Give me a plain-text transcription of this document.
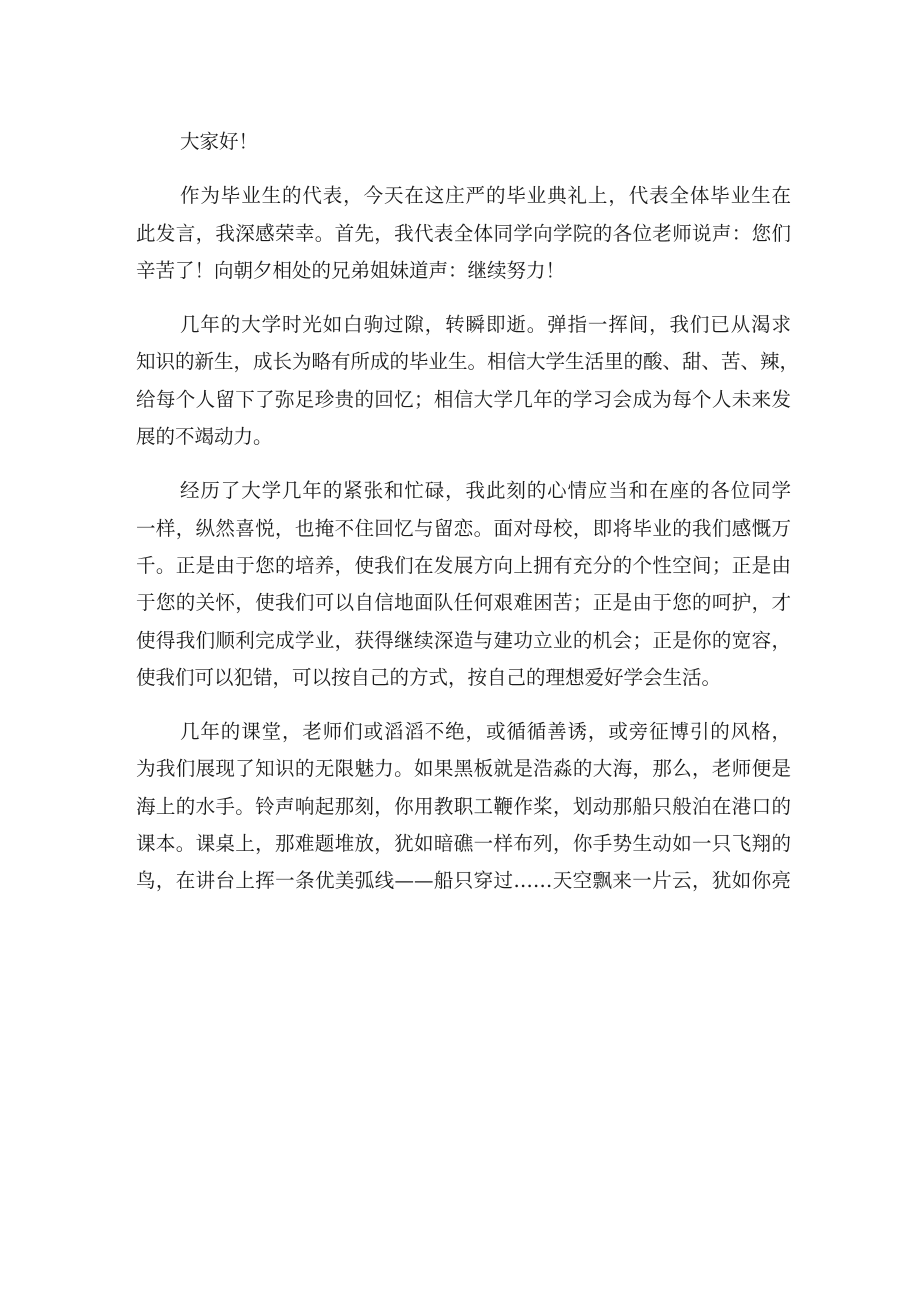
大家好！

作为毕业生的代表，今天在这庄严的毕业典礼上，代表全体毕业生在
此发言，我深感荣幸。首先，我代表全体同学向学院的各位老师说声：您们
辛苦了！向朝夕相处的兄弟姐妹道声：继续努力！

几年的大学时光如白驹过隙，转瞬即逝。弹指一挥间，我们已从渴求
知识的新生，成长为略有所成的毕业生。相信大学生活里的酸、甜、苦、辣，
给每个人留下了弥足珍贵的回忆；相信大学几年的学习会成为每个人未来发
展的不竭动力。

经历了大学几年的紧张和忙碌，我此刻的心情应当和在座的各位同学
一样，纵然喜悦，也掩不住回忆与留恋。面对母校，即将毕业的我们感慨万
千。正是由于您的培养，使我们在发展方向上拥有充分的个性空间；正是由
于您的关怀，使我们可以自信地面队任何艰难困苦；正是由于您的呵护，才
使得我们顺利完成学业，获得继续深造与建功立业的机会；正是你的宽容，
使我们可以犯错，可以按自己的方式，按自己的理想爱好学会生活。

几年的课堂，老师们或滔滔不绝，或循循善诱，或旁征博引的风格，
为我们展现了知识的无限魅力。如果黑板就是浩淼的大海，那么，老师便是
海上的水手。铃声响起那刻，你用教职工鞭作桨，划动那船只般泊在港口的
课本。课桌上，那难题堆放，犹如暗礁一样布列，你手势生动如一只飞翔的
鸟，在讲台上挥一条优美弧线——船只穿过……天空飘来一片云，犹如你亮
